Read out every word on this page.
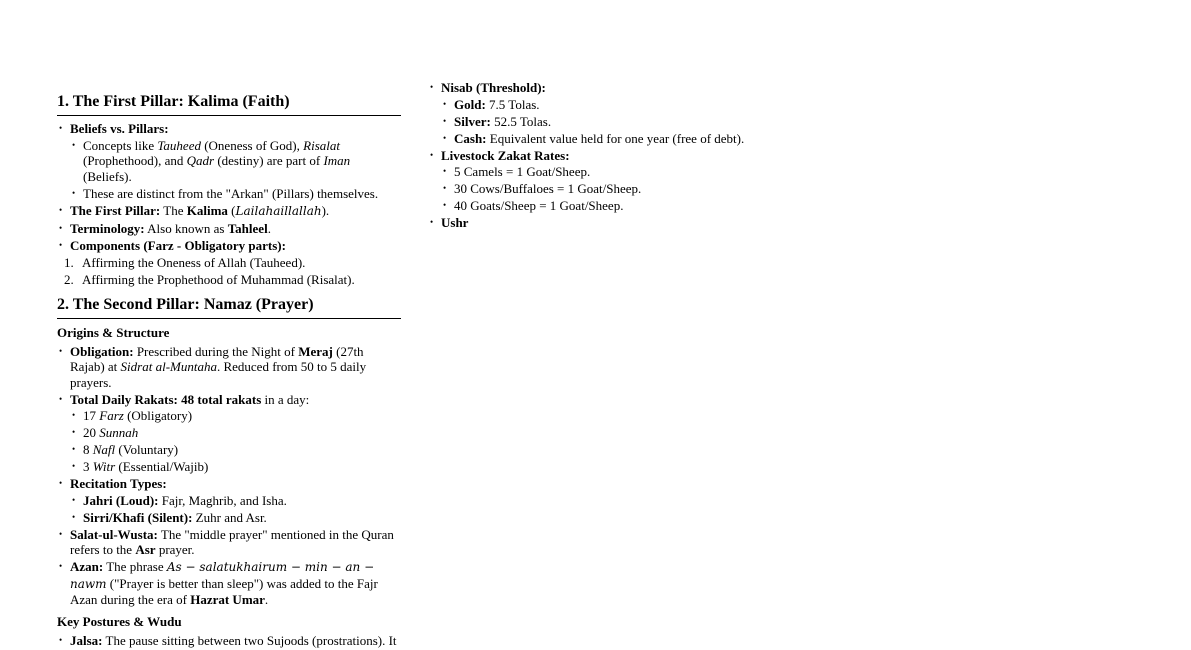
1. The First Pillar: Kalima (Faith)
• Beliefs vs. Pillars:
• Concepts like Tauheed (Oneness of God), Risalat (Prophethood), and Qadr (destiny) are part of Iman (Beliefs).
• These are distinct from the "Arkan" (Pillars) themselves.
• The First Pillar: The Kalima (Lailahaillallah).
• Terminology: Also known as Tahleel.
• Components (Farz - Obligatory parts):
1. Affirming the Oneness of Allah (Tauheed).
2. Affirming the Prophethood of Muhammad (Risalat).
2. The Second Pillar: Namaz (Prayer)
Origins & Structure
• Obligation: Prescribed during the Night of Meraj (27th Rajab) at Sidrat al-Muntaha. Reduced from 50 to 5 daily prayers.
• Total Daily Rakats: 48 total rakats in a day:
• 17 Farz (Obligatory)
• 20 Sunnah
• 8 Nafl (Voluntary)
• 3 Witr (Essential/Wajib)
• Recitation Types:
• Jahri (Loud): Fajr, Maghrib, and Isha.
• Sirri/Khafi (Silent): Zuhr and Asr.
• Salat-ul-Wusta: The "middle prayer" mentioned in the Quran refers to the Asr prayer.
• Azan: The phrase As − salatukhairum − min − an − nawm ("Prayer is better than sleep") was added to the Fajr Azan during the era of Hazrat Umar.
Key Postures & Wudu
• Jalsa: The pause sitting between two Sujoods (prostrations). It
• Nisab (Threshold):
• Gold: 7.5 Tolas.
• Silver: 52.5 Tolas.
• Cash: Equivalent value held for one year (free of debt).
• Livestock Zakat Rates:
• 5 Camels = 1 Goat/Sheep.
• 30 Cows/Buffaloes = 1 Goat/Sheep.
• 40 Goats/Sheep = 1 Goat/Sheep.
• Ushr
